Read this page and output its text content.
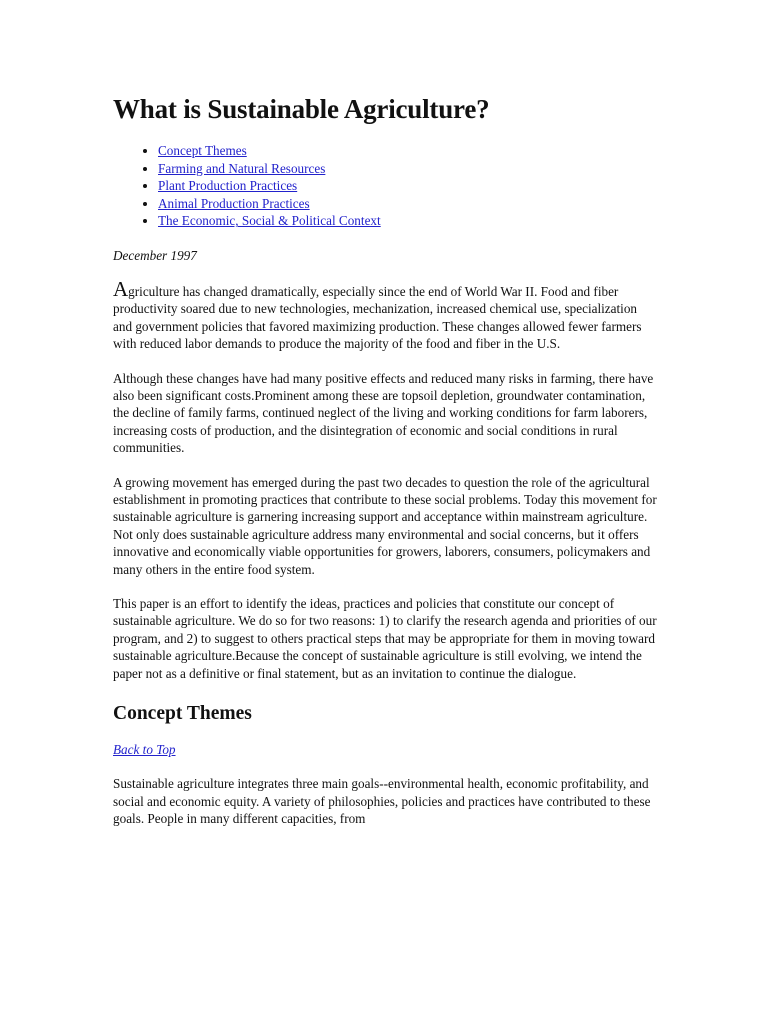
What is Sustainable Agriculture?
• Concept Themes
• Farming and Natural Resources
• Plant Production Practices
• Animal Production Practices
• The Economic, Social & Political Context
December 1997

Agriculture has changed dramatically, especially since the end of World War II. Food and fiber productivity soared due to new technologies, mechanization, increased chemical use, specialization and government policies that favored maximizing production. These changes allowed fewer farmers with reduced labor demands to produce the majority of the food and fiber in the U.S.

Although these changes have had many positive effects and reduced many risks in farming, there have also been significant costs.Prominent among these are topsoil depletion, groundwater contamination, the decline of family farms, continued neglect of the living and working conditions for farm laborers, increasing costs of production, and the disintegration of economic and social conditions in rural communities.

A growing movement has emerged during the past two decades to question the role of the agricultural establishment in promoting practices that contribute to these social problems. Today this movement for sustainable agriculture is garnering increasing support and acceptance within mainstream agriculture. Not only does sustainable agriculture address many environmental and social concerns, but it offers innovative and economically viable opportunities for growers, laborers, consumers, policymakers and many others in the entire food system.

This paper is an effort to identify the ideas, practices and policies that constitute our concept of sustainable agriculture. We do so for two reasons: 1) to clarify the research agenda and priorities of our program, and 2) to suggest to others practical steps that may be appropriate for them in moving toward sustainable agriculture.Because the concept of sustainable agriculture is still evolving, we intend the paper not as a definitive or final statement, but as an invitation to continue the dialogue.

Concept Themes
Back to Top

Sustainable agriculture integrates three main goals--environmental health, economic profitability, and social and economic equity. A variety of philosophies, policies and practices have contributed to these goals. People in many different capacities, from
